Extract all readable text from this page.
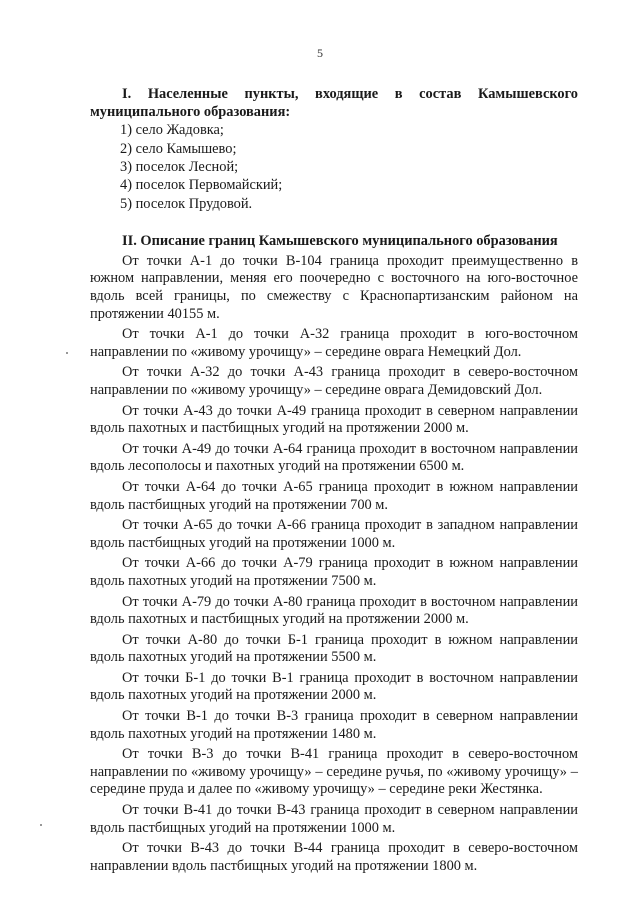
5

I. Населенные пункты, входящие в состав Камышевского муниципального образования:

1) село Жадовка;
2) село Камышево;
3) поселок Лесной;
4) поселок Первомайский;
5) поселок Прудовой.

II. Описание границ Камышевского муниципального образования

От точки А-1 до точки В-104 граница проходит преимущественно в южном направлении, меняя его поочередно с восточного на юго-восточное вдоль всей границы, по смежеству с Краснопартизанским районом на протяжении 40155 м.

От точки А-1 до точки А-32 граница проходит в юго-восточном направлении по «живому урочищу» – середине оврага Немецкий Дол.

От точки А-32 до точки А-43 граница проходит в северо-восточном направлении по «живому урочищу» – середине оврага Демидовский Дол.

От точки А-43 до точки А-49 граница проходит в северном направлении вдоль пахотных и пастбищных угодий на протяжении 2000 м.

От точки А-49 до точки А-64 граница проходит в восточном направлении вдоль лесополосы и пахотных угодий на протяжении 6500 м.

От точки А-64 до точки А-65 граница проходит в южном направлении вдоль пастбищных угодий на протяжении 700 м.

От точки А-65 до точки А-66 граница проходит в западном направлении вдоль пастбищных угодий на протяжении 1000 м.

От точки А-66 до точки А-79 граница проходит в южном направлении вдоль пахотных угодий на протяжении 7500 м.

От точки А-79 до точки А-80 граница проходит в восточном направлении вдоль пахотных и пастбищных угодий на протяжении 2000 м.

От точки А-80 до точки Б-1 граница проходит в южном направлении вдоль пахотных угодий на протяжении 5500 м.

От точки Б-1 до точки В-1 граница проходит в восточном направлении вдоль пахотных угодий на протяжении 2000 м.

От точки В-1 до точки В-3 граница проходит в северном направлении вдоль пахотных угодий на протяжении 1480 м.

От точки В-3 до точки В-41 граница проходит в северо-восточном направлении по «живому урочищу» – середине ручья, по «живому урочищу» – середине пруда и далее по «живому урочищу» – середине реки Жестянка.

От точки В-41 до точки В-43 граница проходит в северном направлении вдоль пастбищных угодий на протяжении 1000 м.

От точки В-43 до точки В-44 граница проходит в северо-восточном направлении вдоль пастбищных угодий на протяжении 1800 м.
